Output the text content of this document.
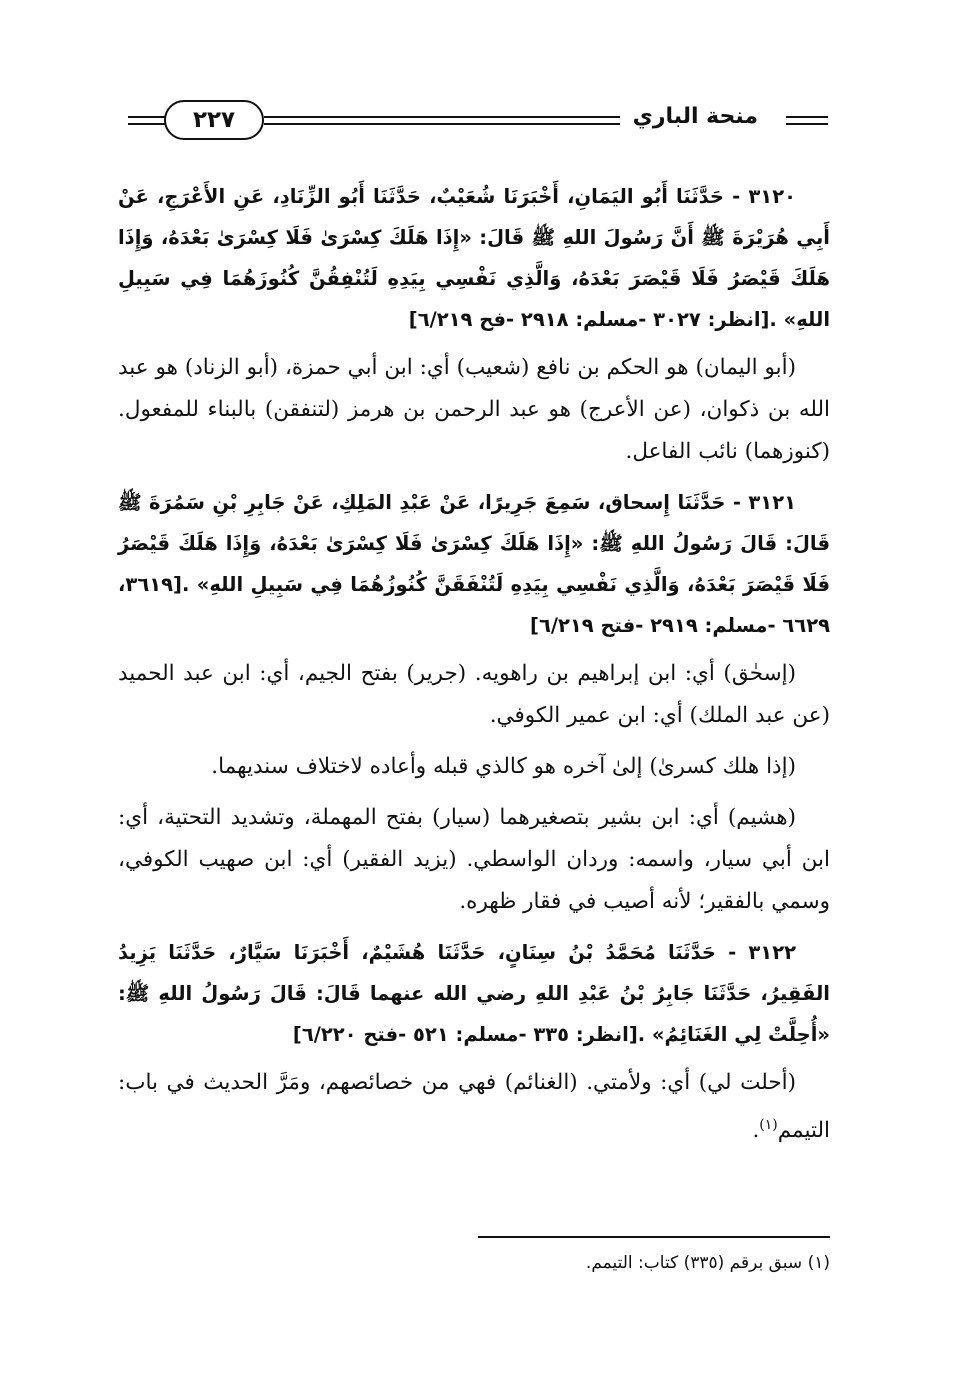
٢٢٧	منحة الباري

٣١٢٠ - حَدَّثَنَا أَبُو اليَمَانِ، أَخْبَرَنَا شُعَيْبٌ، حَدَّثَنَا أَبُو الزِّنَادِ، عَنِ الأَعْرَجِ، عَنْ أَبِي هُرَيْرَةَ ﷺ أَنَّ رَسُولَ اللهِ ﷺ قَالَ: «إِذَا هَلَكَ كِسْرَىٰ فَلَا كِسْرَىٰ بَعْدَهُ، وَإِذَا هَلَكَ قَيْصَرُ فَلَا قَيْصَرَ بَعْدَهُ، وَالَّذِي نَفْسِي بِيَدِهِ لَتُنْفِقُنَّ كُنُوزَهُمَا فِي سَبِيلِ اللهِ» .[انظر: ٣٠٢٧ -مسلم: ٢٩١٨ -فح ٦/٢١٩]

(أبو اليمان) هو الحكم بن نافع (شعيب) أي: ابن أبي حمزة، (أبو الزناد) هو عبد الله بن ذكوان، (عن الأعرج) هو عبد الرحمن بن هرمز (لتنفقن) بالبناء للمفعول. (كنوزهما) نائب الفاعل.

٣١٢١ - حَدَّثَنَا إِسحاق، سَمِعَ جَرِيرًا، عَنْ عَبْدِ المَلِكِ، عَنْ جَابِرِ بْنِ سَمُرَةَ ﷺ قَالَ: قَالَ رَسُولُ اللهِ ﷺ: «إِذَا هَلَكَ كِسْرَىٰ فَلَا كِسْرَىٰ بَعْدَهُ، وَإِذَا هَلَكَ قَيْصَرُ فَلَا قَيْصَرَ بَعْدَهُ، وَالَّذِي نَفْسِي بِيَدِهِ لَتُنْفَقَنَّ كُنُوزُهُمَا فِي سَبِيلِ اللهِ» .[٣٦١٩، ٦٦٢٩ -مسلم: ٢٩١٩ -فتح ٦/٢١٩]

(إسحٰق) أي: ابن إبراهيم بن راهويه. (جرير) بفتح الجيم، أي: ابن عبد الحميد (عن عبد الملك) أي: ابن عمير الكوفي.

(إذا هلك كسرىٰ) إلىٰ آخره هو كالذي قبله وأعاده لاختلاف سنديهما.

(هشيم) أي: ابن بشير بتصغيرهما (سيار) بفتح المهملة، وتشديد التحتية، أي: ابن أبي سيار، واسمه: وردان الواسطي. (يزيد الفقير) أي: ابن صهيب الكوفي، وسمي بالفقير؛ لأنه أصيب في فقار ظهره.

٣١٢٢ - حَدَّثَنَا مُحَمَّدُ بْنُ سِنَانٍ، حَدَّثَنَا هُشَيْمٌ، أَخْبَرَنَا سَيَّارٌ، حَدَّثَنَا يَزِيدُ الفَقِيرُ، حَدَّثَنَا جَابِرُ بْنُ عَبْدِ اللهِ رضي الله عنهما قَالَ: قَالَ رَسُولُ اللهِ ﷺ: «أُحِلَّتْ لِي الغَنَائِمُ» .[انظر: ٣٣٥ -مسلم: ٥٢١ -فتح ٦/٢٢٠]

(أحلت لي) أي: ولأمتي. (الغنائم) فهي من خصائصهم، ومَرَّ الحديث في باب: التيمم$^{(١)}$.

(١) سبق برقم (٣٣٥) كتاب: التيمم.
